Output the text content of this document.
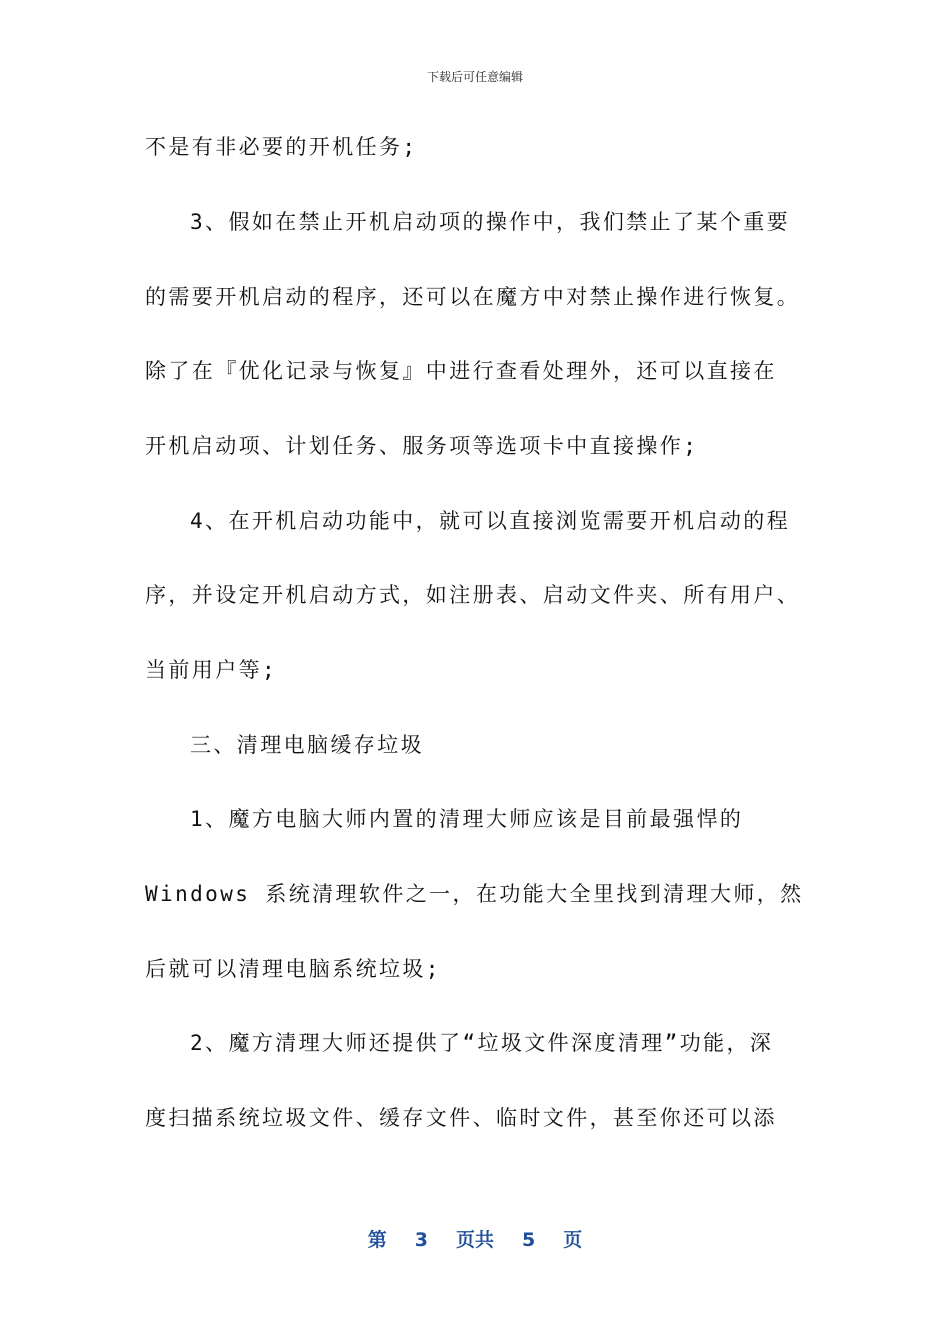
下载后可任意编辑
不是有非必要的开机任务;
3、假如在禁止开机启动项的操作中，我们禁止了某个重要
的需要开机启动的程序，还可以在魔方中对禁止操作进行恢复。
除了在『优化记录与恢复』中进行查看处理外，还可以直接在
开机启动项、计划任务、服务项等选项卡中直接操作;
4、在开机启动功能中，就可以直接浏览需要开机启动的程
序，并设定开机启动方式，如注册表、启动文件夹、所有用户、
当前用户等;
三、清理电脑缓存垃圾
1、魔方电脑大师内置的清理大师应该是目前最强悍的
Windows 系统清理软件之一，在功能大全里找到清理大师，然
后就可以清理电脑系统垃圾;
2、魔方清理大师还提供了“垃圾文件深度清理”功能，深
度扫描系统垃圾文件、缓存文件、临时文件，甚至你还可以添
第 3 页共 5 页
